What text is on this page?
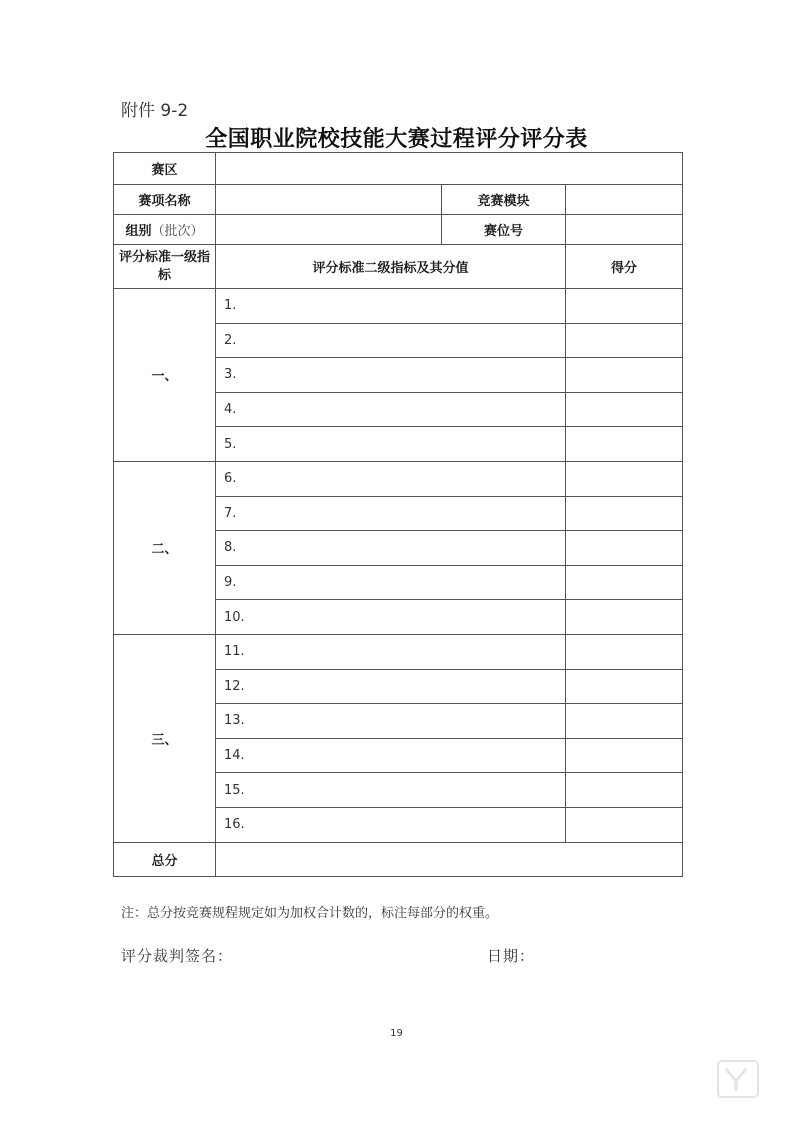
附件 9-2
全国职业院校技能大赛过程评分评分表
赛区			
赛项名称		竞赛模块	
组别（批次）		赛位号	
评分标准一级指标	评分标准二级指标及其分值		得分
一、	1.		
	2.		
	3.		
	4.		
	5.		
二、	6.		
	7.		
	8.		
	9.		
	10.		
三、	11.		
	12.		
	13.		
	14.		
	15.		
	16.		
总分			
注：总分按竞赛规程规定如为加权合计数的，标注每部分的权重。
评分裁判签名：	日期：
19
